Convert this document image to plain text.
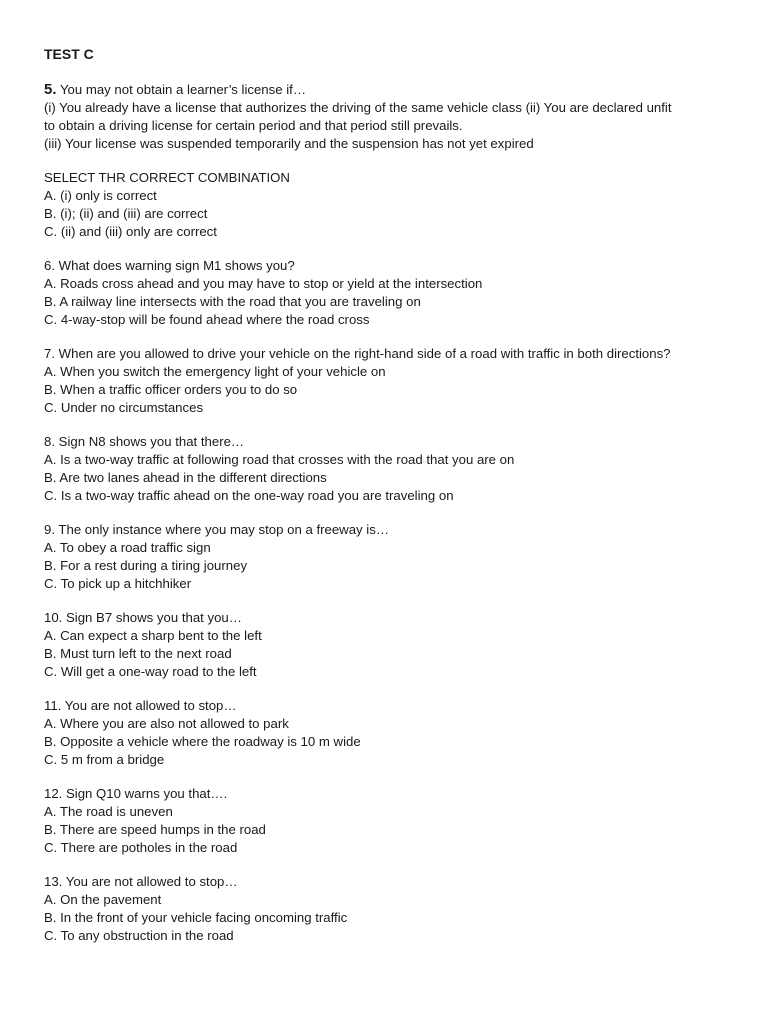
TEST C
5. You may not obtain a learner’s license if…
(i) You already have a license that authorizes the driving of the same vehicle class (ii) You are declared unfit
to obtain a driving license for certain period and that period still prevails.
(iii) Your license was suspended temporarily and the suspension has not yet expired
SELECT THR CORRECT COMBINATION
A. (i) only is correct
B. (i); (ii) and (iii) are correct
C. (ii) and (iii) only are correct
6. What does warning sign M1 shows you?
A. Roads cross ahead and you may have to stop or yield at the intersection
B. A railway line intersects with the road that you are traveling on
C. 4-way-stop will be found ahead where the road cross
7. When are you allowed to drive your vehicle on the right-hand side of a road with traffic in both directions?
A. When you switch the emergency light of your vehicle on
B. When a traffic officer orders you to do so
C. Under no circumstances
8. Sign N8 shows you that there…
A. Is a two-way traffic at following road that crosses with the road that you are on
B. Are two lanes ahead in the different directions
C. Is a two-way traffic ahead on the one-way road you are traveling on
9. The only instance where you may stop on a freeway is…
A. To obey a road traffic sign
B. For a rest during a tiring journey
C. To pick up a hitchhiker
10. Sign B7 shows you that you…
A. Can expect a sharp bent to the left
B. Must turn left to the next road
C. Will get a one-way road to the left
11. You are not allowed to stop…
A. Where you are also not allowed to park
B. Opposite a vehicle where the roadway is 10 m wide
C. 5 m from a bridge
12. Sign Q10 warns you that….
A. The road is uneven
B. There are speed humps in the road
C. There are potholes in the road
13. You are not allowed to stop…
A. On the pavement
B. In the front of your vehicle facing oncoming traffic
C. To any obstruction in the road
